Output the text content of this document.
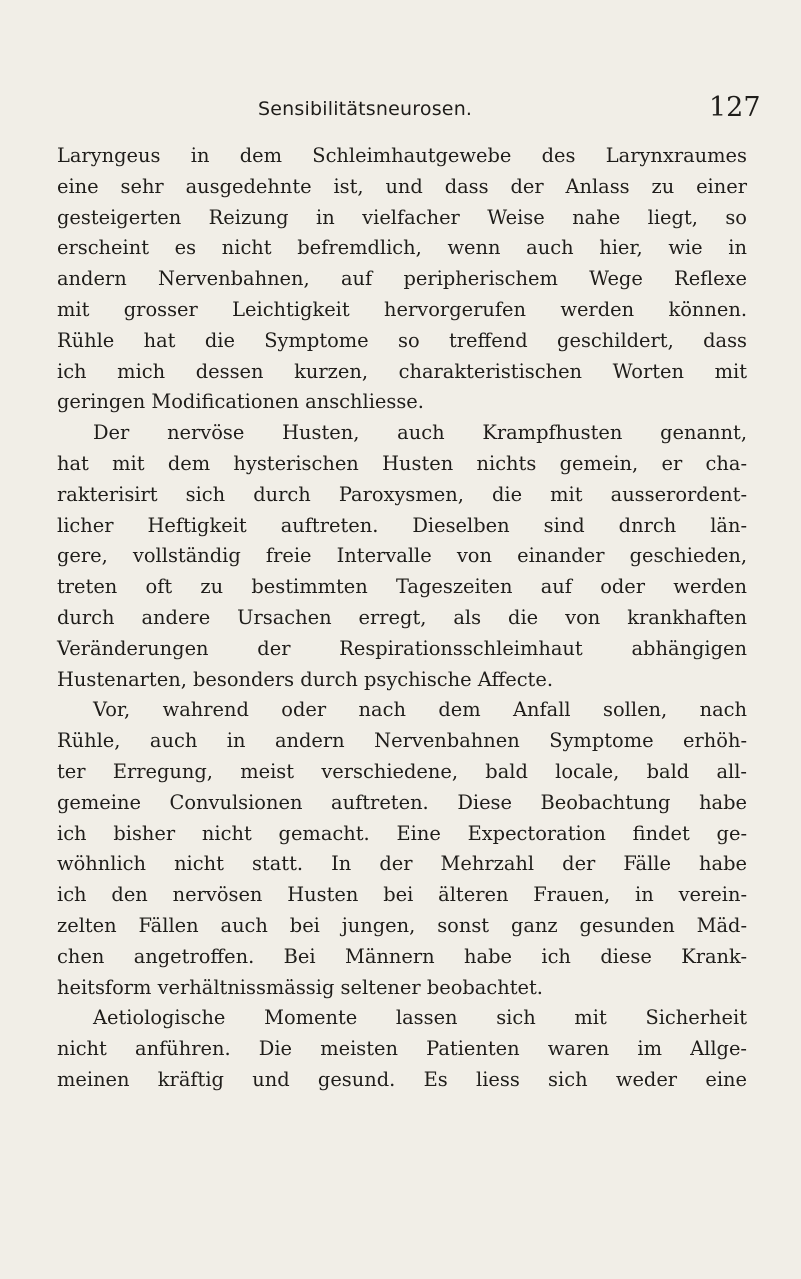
Sensibilitätsneurosen.	127
Laryngeus in dem Schleimhautgewebe des Larynxraumes
eine sehr ausgedehnte ist, und dass der Anlass zu einer
gesteigerten Reizung in vielfacher Weise nahe liegt, so
erscheint es nicht befremdlich, wenn auch hier, wie in
andern Nervenbahnen, auf peripherischem Wege Reflexe
mit grosser Leichtigkeit hervorgerufen werden können.
Rühle hat die Symptome so treffend geschildert, dass
ich mich dessen kurzen, charakteristischen Worten mit
geringen Modificationen anschliesse.
Der nervöse Husten, auch Krampfhusten genannt,
hat mit dem hysterischen Husten nichts gemein, er cha-
rakterisirt sich durch Paroxysmen, die mit ausserordent-
licher Heftigkeit auftreten. Dieselben sind dnrch län-
gere, vollständig freie Intervalle von einander geschieden,
treten oft zu bestimmten Tageszeiten auf oder werden
durch andere Ursachen erregt, als die von krankhaften
Veränderungen der Respirationsschleimhaut abhängigen
Hustenarten, besonders durch psychische Affecte.
Vor, wahrend oder nach dem Anfall sollen, nach
Rühle, auch in andern Nervenbahnen Symptome erhöh-
ter Erregung, meist verschiedene, bald locale, bald all-
gemeine Convulsionen auftreten. Diese Beobachtung habe
ich bisher nicht gemacht. Eine Expectoration findet ge-
wöhnlich nicht statt. In der Mehrzahl der Fälle habe
ich den nervösen Husten bei älteren Frauen, in verein-
zelten Fällen auch bei jungen, sonst ganz gesunden Mäd-
chen angetroffen. Bei Männern habe ich diese Krank-
heitsform verhältnissmässig seltener beobachtet.
Aetiologische Momente lassen sich mit Sicherheit
nicht anführen. Die meisten Patienten waren im Allge-
meinen kräftig und gesund. Es liess sich weder eine
